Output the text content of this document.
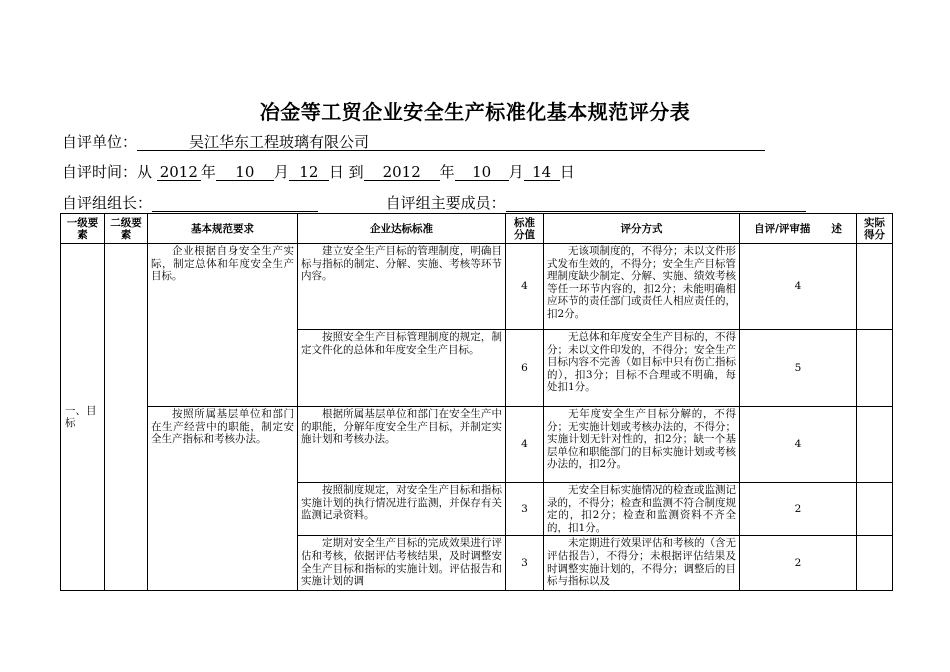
冶金等工贸企业安全生产标准化基本规范评分表
自评单位：	吴江华东工程玻璃有限公司
自评时间：从 2012 年 10 月 12 日 到 2012 年 10 月 14 日
自评组组长：	自评组主要成员：
一级要素	二级要素	基本规范要求	企业达标标准	标准分值	评分方式	自评/评审描　　述	实际得分
一、目标		企业根据自身安全生产实际，制定总体和年度安全生产目标。	建立安全生产目标的管理制度，明确目标与指标的制定、分解、实施、考核等环节内容。	4	无该项制度的，不得分；未以文件形式发布生效的，不得分；安全生产目标管理制度缺少制定、分解、实施、绩效考核等任一环节内容的，扣2分；未能明确相应环节的责任部门或责任人相应责任的，扣2分。	4	
			按照安全生产目标管理制度的规定，制定文件化的总体和年度安全生产目标。	6	无总体和年度安全生产目标的，不得分；未以文件印发的，不得分；安全生产目标内容不完善（如目标中只有伤亡指标的），扣3分；目标不合理或不明确，每处扣1分。	5	
		按照所属基层单位和部门在生产经营中的职能，制定安全生产指标和考核办法。	根据所属基层单位和部门在安全生产中的职能，分解年度安全生产目标，并制定实施计划和考核办法。	4	无年度安全生产目标分解的，不得分；无实施计划或考核办法的，不得分；实施计划无针对性的，扣2分；缺一个基层单位和职能部门的目标实施计划或考核办法的，扣2分。	4	
			按照制度规定，对安全生产目标和指标实施计划的执行情况进行监测，并保存有关监测记录资料。	3	无安全目标实施情况的检查或监测记录的，不得分；检查和监测不符合制度规定的，扣2分；检查和监测资料不齐全的，扣1分。	2	

			定期对安全生产目标的完成效果进行评估和考核，依据评估考核结果，及时调整安全生产目标和指标的实施计划。评估报告和实施计划的调	3	未定期进行效果评估和考核的（含无评估报告），不得分；未根据评估结果及时调整实施计划的，不得分；调整后的目标与指标以及	2	
